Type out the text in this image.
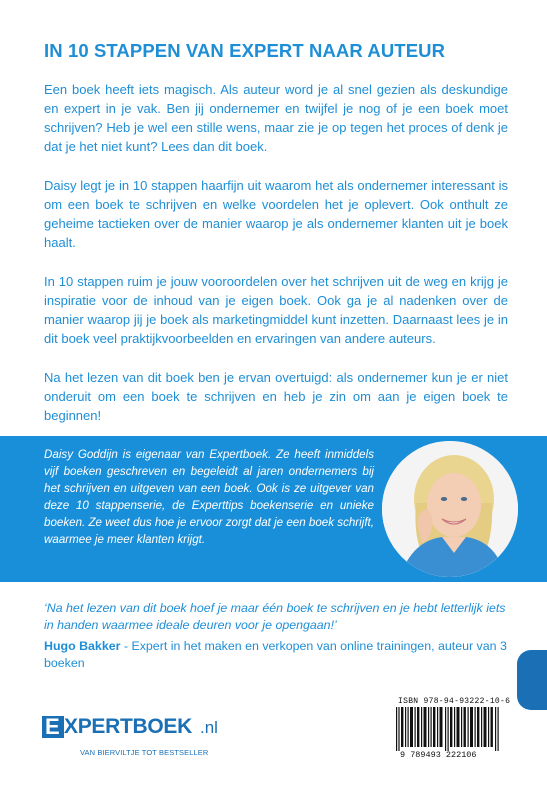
IN 10 STAPPEN VAN EXPERT NAAR AUTEUR

Een boek heeft iets magisch. Als auteur word je al snel gezien als deskundige en expert in je vak. Ben jij ondernemer en twijfel je nog of je een boek moet schrijven? Heb je wel een stille wens, maar zie je op tegen het proces of denk je dat je het niet kunt? Lees dan dit boek.

Daisy legt je in 10 stappen haarfijn uit waarom het als ondernemer interessant is om een boek te schrijven en welke voordelen het je oplevert. Ook onthult ze geheime tactieken over de manier waarop je als ondernemer klanten uit je boek haalt.

In 10 stappen ruim je jouw vooroordelen over het schrijven uit de weg en krijg je inspiratie voor de inhoud van je eigen boek. Ook ga je al nadenken over de manier waarop jij je boek als marketingmiddel kunt inzetten. Daarnaast lees je in dit boek veel praktijkvoorbeelden en ervaringen van andere auteurs.

Na het lezen van dit boek ben je ervan overtuigd: als ondernemer kun je er niet onderuit om een boek te schrijven en heb je zin om aan je eigen boek te beginnen!

Daisy Goddijn is eigenaar van Expertboek. Ze heeft inmiddels vijf boeken geschreven en begeleidt al jaren ondernemers bij het schrijven en uitgeven van een boek. Ook is ze uitgever van deze 10 stappenserie, de Experttips boekenserie en unieke boeken. Ze weet dus hoe je ervoor zorgt dat je een boek schrijft, waarmee je meer klanten krijgt.
‘Na het lezen van dit boek hoef je maar één boek te schrijven en je hebt letterlijk iets in handen waarmee ideale deuren voor je opengaan!’
Hugo Bakker - Expert in het maken en verkopen van online trainingen, auteur van 3 boeken
ISBN 978-94-93222-10-6
9 789493 222106
E XPERTBOEK .nl
VAN BIERVILTJE TOT BESTSELLER
